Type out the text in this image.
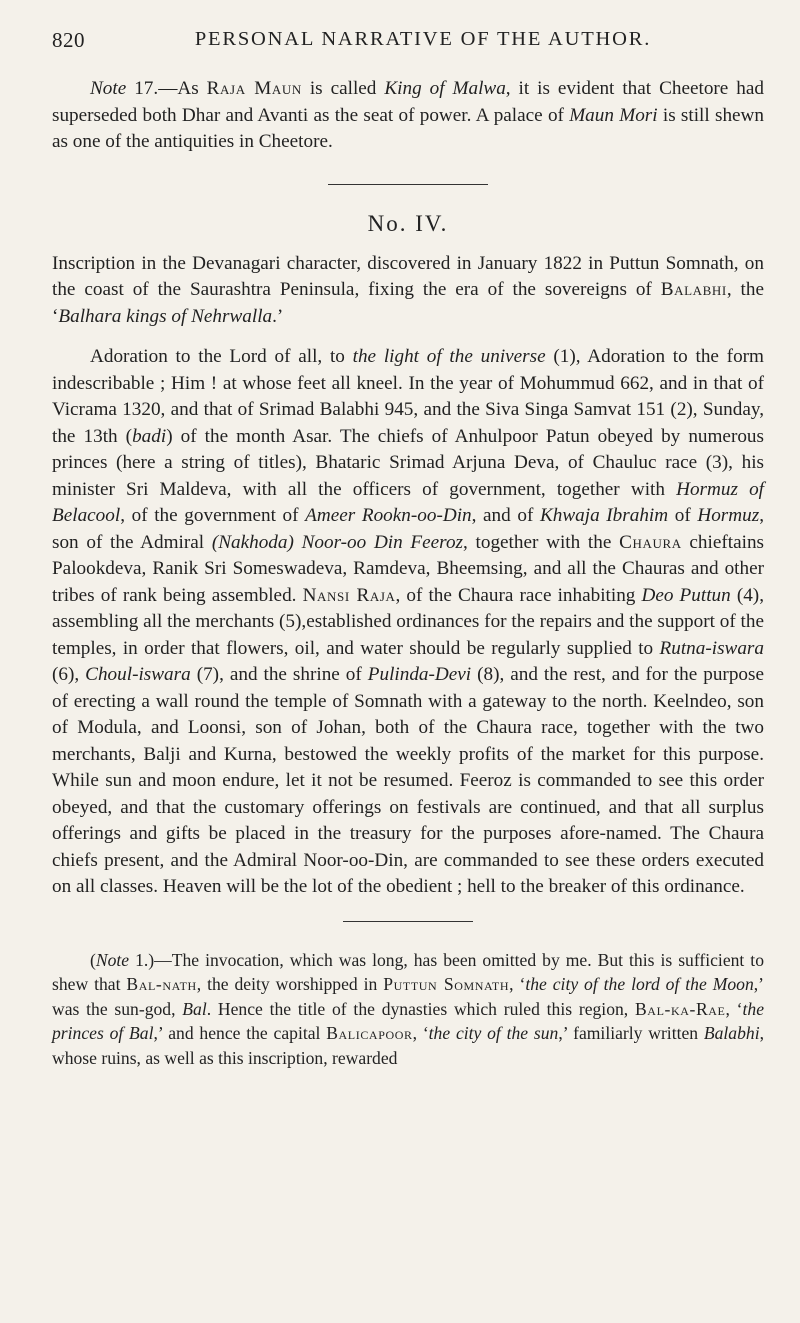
820	PERSONAL NARRATIVE OF THE AUTHOR.

Note 17.—As Raja Maun is called King of Malwa, it is evident that Cheetore had superseded both Dhar and Avanti as the seat of power. A palace of Maun Mori is still shewn as one of the antiquities in Cheetore.

No. IV.

Inscription in the Devanagari character, discovered in January 1822 in Puttun Somnath, on the coast of the Saurashtra Peninsula, fixing the era of the sovereigns of Balabhi, the ‘Balhara kings of Nehrwalla.’

Adoration to the Lord of all, to the light of the universe (1), Adoration to the form indescribable ; Him ! at whose feet all kneel. In the year of Mohummud 662, and in that of Vicrama 1320, and that of Srimad Balabhi 945, and the Siva Singa Samvat 151 (2), Sunday, the 13th (badi) of the month Asar. The chiefs of Anhulpoor Patun obeyed by numerous princes (here a string of titles), Bhataric Srimad Arjuna Deva, of Chauluc race (3), his minister Sri Maldeva, with all the officers of government, together with Hormuz of Belacool, of the government of Ameer Rookn-oo-Din, and of Khwaja Ibrahim of Hormuz, son of the Admiral (Nakhoda) Noor-oo Din Feeroz, together with the Chaura chieftains Palookdeva, Ranik Sri Someswadeva, Ramdeva, Bheemsing, and all the Chauras and other tribes of rank being assembled. Nansi Raja, of the Chaura race inhabiting Deo Puttun (4), assembling all the merchants (5),established ordinances for the repairs and the support of the temples, in order that flowers, oil, and water should be regularly supplied to Rutna-iswara (6), Choul-iswara (7), and the shrine of Pulinda-Devi (8), and the rest, and for the purpose of erecting a wall round the temple of Somnath with a gateway to the north. Keelndeo, son of Modula, and Loonsi, son of Johan, both of the Chaura race, together with the two merchants, Balji and Kurna, bestowed the weekly profits of the market for this purpose. While sun and moon endure, let it not be resumed. Feeroz is commanded to see this order obeyed, and that the customary offerings on festivals are continued, and that all surplus offerings and gifts be placed in the treasury for the purposes afore-named. The Chaura chiefs present, and the Admiral Noor-oo-Din, are commanded to see these orders executed on all classes. Heaven will be the lot of the obedient ; hell to the breaker of this ordinance.

(Note 1.)—The invocation, which was long, has been omitted by me. But this is sufficient to shew that Bal-nath, the deity worshipped in Puttun Somnath, ‘the city of the lord of the Moon,’ was the sun-god, Bal. Hence the title of the dynasties which ruled this region, Bal-ka-Rae, ‘the princes of Bal,’ and hence the capital Balicapoor, ‘the city of the sun,’ familiarly written Balabhi, whose ruins, as well as this inscription, rewarded
